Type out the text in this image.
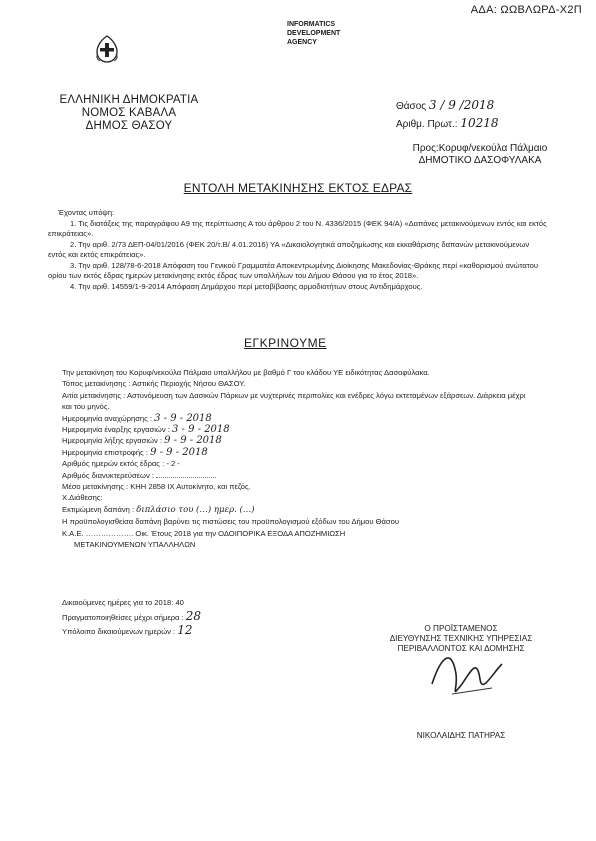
ΑΔΑ: ΩΩΒΛΩΡΔ-Χ2Π
INFORMATICS
DEVELOPMENT
AGENCY
ΕΛΛΗΝΙΚΗ ΔΗΜΟΚΡΑΤΙΑ
ΝΟΜΟΣ ΚΑΒΑΛΑ
ΔΗΜΟΣ ΘΑΣΟΥ
Θάσος 3 / 9 /2018
Αριθμ. Πρωτ.: 10218
Προς:Κορυφ/νεκούλα Πάλμαιο
ΔΗΜΟΤΙΚΟ ΔΑΣΟΦΥΛΑΚΑ
ΕΝΤΟΛΗ ΜΕΤΑΚΙΝΗΣΗΣ ΕΚΤΟΣ ΕΔΡΑΣ
Έχοντας υπόψη:
1. Τις διατάξεις της παραγράφου Α9 της περίπτωσης Α του άρθρου 2 του Ν. 4336/2015 (ΦΕΚ 94/Α) «Δαπάνες μετακινούμενων εντός και εκτός επικράτειας».
2. Την αριθ. 2/73 ΔΕΠ-04/01/2016 (ΦΕΚ 20/τ.Β/ 4.01.2016) ΥΑ «Δικαιολογητικά αποζημίωσης και εκκαθάρισης δαπανών μετακινούμενων εντός και εκτός επικράτειας».
3. Την αριθ. 128/78-6-2018 Απόφαση του Γενικού Γραμματέα Αποκεντρωμένης Διοίκησης Μακεδονίας-Θράκης περί «καθορισμού ανώτατου ορίου των εκτός έδρας ημερών μετακίνησης εκτός έδρας των υπαλλήλων του Δήμου Θάσου για το έτος 2018».
4. Την αριθ. 14559/1-9-2014 Απόφαση Δημάρχου περί μεταβίβασης αρμοδιοτήτων στους Αντιδημάρχους.
ΕΓΚΡΙΝΟΥΜΕ
Την μετακίνηση του Κορυφ/νεκούλα Πάλμαιο υπαλλήλου με βαθμό Γ του κλάδου ΥΕ ειδικότητας Δασοφύλακα.
Τόπος μετακίνησης : Αστικής Περιοχής Νήσου ΘΑΣΟΥ.
Αιτία μετακίνησης : Αστυνόμευση των Δασικών Πάρκων με νυχτερινές περιπολίες και ενέδρες λόγω εκτεταμένων εξάρσεων. Διάρκεια μέχρι και του μηνός.
Ημερομηνία αναχώρησης : 3 - 9 - 2018
Ημερομηνία έναρξης εργασιών : 3 - 9 - 2018
Ημερομηνία λήξης εργασιών : 9 - 9 - 2018
Ημερομηνία επιστροφής : 9 - 9 - 2018
Αριθμός ημερών εκτός έδρας : - 2 -
Αριθμός διανυκτερεύσεων :
Μέσο μετακίνησης : ΚΗΗ 2858 ΙΧ Αυτοκίνητο, και πεζός.
Χ.Διάθεσης:
Εκτιμώμενη δαπάνη : διπλάσιο του (…) ημερ. (…)
Η προϋπολογισθείσα δαπάνη βαρύνει τις πιστώσεις του προϋπολογισμού εξόδων του Δήμου Θάσου
Κ.Α.Ε. ………………. Οικ. Έτους 2018 για την ΟΔΟΙΠΟΡΙΚΑ ΕΞΟΔΑ ΑΠΟΖΗΜΙΩΣΗ
ΜΕΤΑΚΙΝΟΥΜΕΝΩΝ ΥΠΑΛΛΗΛΩΝ
Δικαιούμενες ημέρες για το 2018: 40
Πραγματοποιηθείσες μέχρι σήμερα : 28
Υπόλοιπο δικαιούμενων ημερών : 12	Ο ΠΡΟΪΣΤΑΜΕΝΟΣ
ΔΙΕΥΘΥΝΣΗΣ ΤΕΧΝΙΚΗΣ ΥΠΗΡΕΣΙΑΣ
ΠΕΡΙΒΑΛΛΟΝΤΟΣ ΚΑΙ ΔΟΜΗΣΗΣ
ΝΙΚΟΛΑΙΔΗΣ ΠΑΤΗΡΑΣ
